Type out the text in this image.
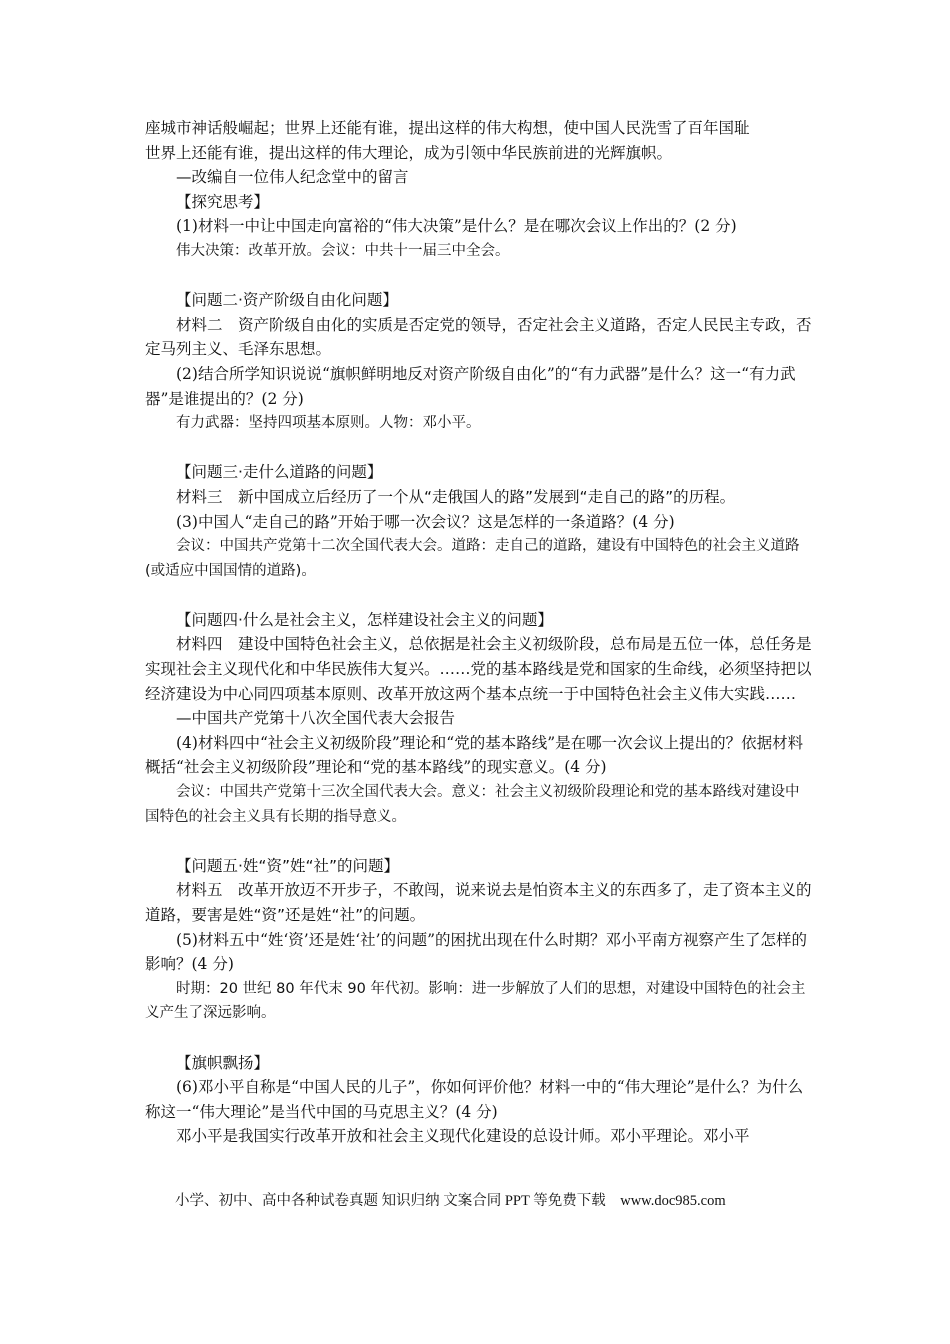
座城市神话般崛起；世界上还能有谁，提出这样的伟大构想，使中国人民洗雪了百年国耻

世界上还能有谁，提出这样的伟大理论，成为引领中华民族前进的光辉旗帜。

—改编自一位伟人纪念堂中的留言

【探究思考】

(1)材料一中让中国走向富裕的“伟大决策”是什么？是在哪次会议上作出的？(2 分)

伟大决策：改革开放。会议：中共十一届三中全会。

【问题二·资产阶级自由化问题】

材料二　资产阶级自由化的实质是否定党的领导，否定社会主义道路，否定人民民主专政，否定马列主义、毛泽东思想。

(2)结合所学知识说说“旗帜鲜明地反对资产阶级自由化”的“有力武器”是什么？这一“有力武器”是谁提出的？(2 分)

有力武器：坚持四项基本原则。人物：邓小平。

【问题三·走什么道路的问题】

材料三　新中国成立后经历了一个从“走俄国人的路”发展到“走自己的路”的历程。

(3)中国人“走自己的路”开始于哪一次会议？这是怎样的一条道路？(4 分)

会议：中国共产党第十二次全国代表大会。道路：走自己的道路，建设有中国特色的社会主义道路(或适应中国国情的道路)。

【问题四·什么是社会主义，怎样建设社会主义的问题】

材料四　建设中国特色社会主义，总依据是社会主义初级阶段，总布局是五位一体，总任务是实现社会主义现代化和中华民族伟大复兴。……党的基本路线是党和国家的生命线，必须坚持把以经济建设为中心同四项基本原则、改革开放这两个基本点统一于中国特色社会主义伟大实践……

—中国共产党第十八次全国代表大会报告

(4)材料四中“社会主义初级阶段”理论和“党的基本路线”是在哪一次会议上提出的？依据材料概括“社会主义初级阶段”理论和“党的基本路线”的现实意义。(4 分)

会议：中国共产党第十三次全国代表大会。意义：社会主义初级阶段理论和党的基本路线对建设中国特色的社会主义具有长期的指导意义。

【问题五·姓“资”姓“社”的问题】

材料五　改革开放迈不开步子，不敢闯，说来说去是怕资本主义的东西多了，走了资本主义的道路，要害是姓“资”还是姓“社”的问题。

(5)材料五中“姓‘资’还是姓‘社’的问题”的困扰出现在什么时期？邓小平南方视察产生了怎样的影响？(4 分)

时期：20 世纪 80 年代末 90 年代初。影响：进一步解放了人们的思想，对建设中国特色的社会主义产生了深远影响。

【旗帜飘扬】

(6)邓小平自称是“中国人民的儿子”，你如何评价他？材料一中的“伟大理论”是什么？为什么称这一“伟大理论”是当代中国的马克思主义？(4 分)

邓小平是我国实行改革开放和社会主义现代化建设的总设计师。邓小平理论。邓小平

小学、初中、高中各种试卷真题 知识归纳 文案合同 PPT 等免费下载　www.doc985.com
